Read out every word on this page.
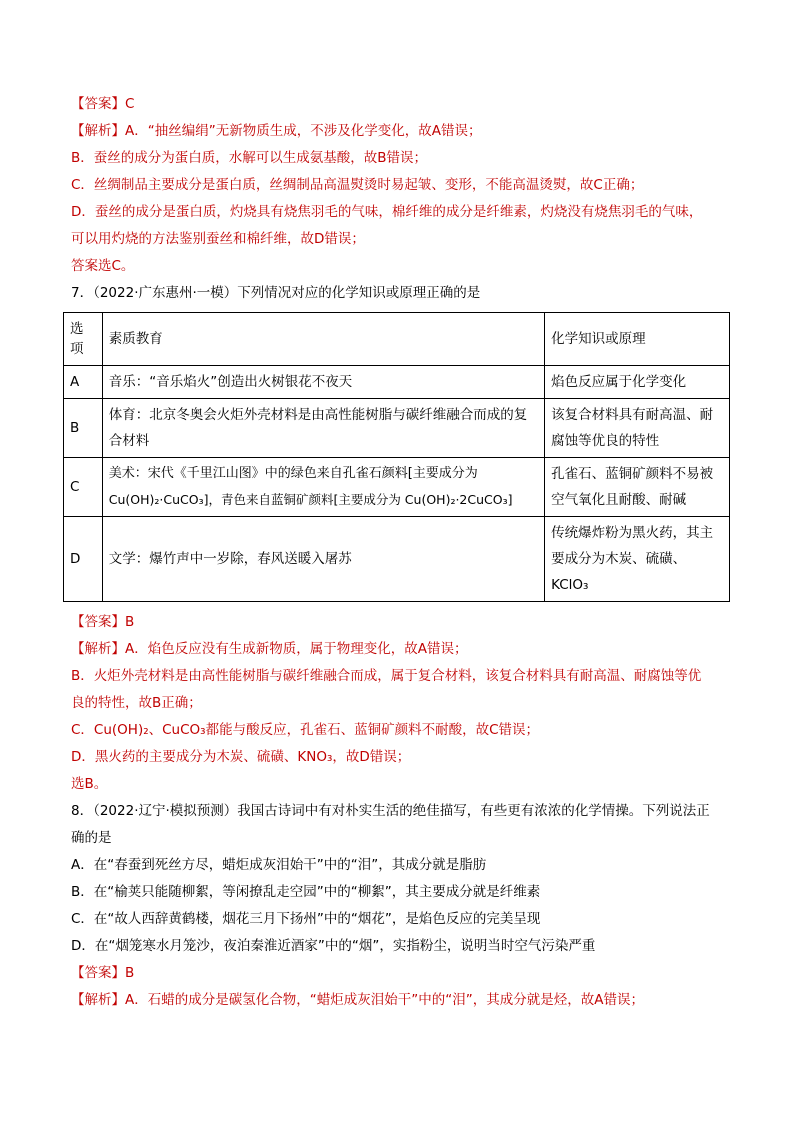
【答案】C
【解析】A．“抽丝编绢”无新物质生成，不涉及化学变化，故A错误；
B．蚕丝的成分为蛋白质，水解可以生成氨基酸，故B错误；
C．丝绸制品主要成分是蛋白质，丝绸制品高温熨烫时易起皱、变形，不能高温烫熨，故C正确；
D．蚕丝的成分是蛋白质，灼烧具有烧焦羽毛的气味，棉纤维的成分是纤维素，灼烧没有烧焦羽毛的气味，
可以用灼烧的方法鉴别蚕丝和棉纤维，故D错误；
答案选C。
7．（2022·广东惠州·一模）下列情况对应的化学知识或原理正确的是
选项	素质教育	化学知识或原理
A	音乐：“音乐焰火”创造出火树银花不夜天	焰色反应属于化学变化
B	体育：北京冬奥会火炬外壳材料是由高性能树脂与碳纤维融合而成的复合材料	该复合材料具有耐高温、耐腐蚀等优良的特性
C	美术：宋代《千里江山图》中的绿色来自孔雀石颜料[主要成分为
Cu(OH)₂·CuCO₃]，青色来自蓝铜矿颜料[主要成分为 Cu(OH)₂·2CuCO₃]	孔雀石、蓝铜矿颜料不易被空气氧化且耐酸、耐碱
D	文学：爆竹声中一岁除，春风送暖入屠苏	传统爆炸粉为黑火药，其主要成分为木炭、硫磺、KClO₃
【答案】B
【解析】A．焰色反应没有生成新物质，属于物理变化，故A错误；
B．火炬外壳材料是由高性能树脂与碳纤维融合而成，属于复合材料，该复合材料具有耐高温、耐腐蚀等优
良的特性，故B正确；
C．Cu(OH)₂、CuCO₃都能与酸反应，孔雀石、蓝铜矿颜料不耐酸，故C错误；
D．黑火药的主要成分为木炭、硫磺、KNO₃，故D错误；
选B。
8．（2022·辽宁·模拟预测）我国古诗词中有对朴实生活的绝佳描写，有些更有浓浓的化学情操。下列说法正
确的是
A．在“春蚕到死丝方尽，蜡炬成灰泪始干”中的“泪”，其成分就是脂肪
B．在“榆荚只能随柳絮，等闲撩乱走空园”中的“柳絮”，其主要成分就是纤维素
C．在“故人西辞黄鹤楼，烟花三月下扬州”中的“烟花”，是焰色反应的完美呈现
D．在“烟笼寒水月笼沙，夜泊秦淮近酒家”中的“烟”，实指粉尘，说明当时空气污染严重
【答案】B
【解析】A．石蜡的成分是碳氢化合物，“蜡炬成灰泪始干”中的“泪”，其成分就是烃，故A错误；
